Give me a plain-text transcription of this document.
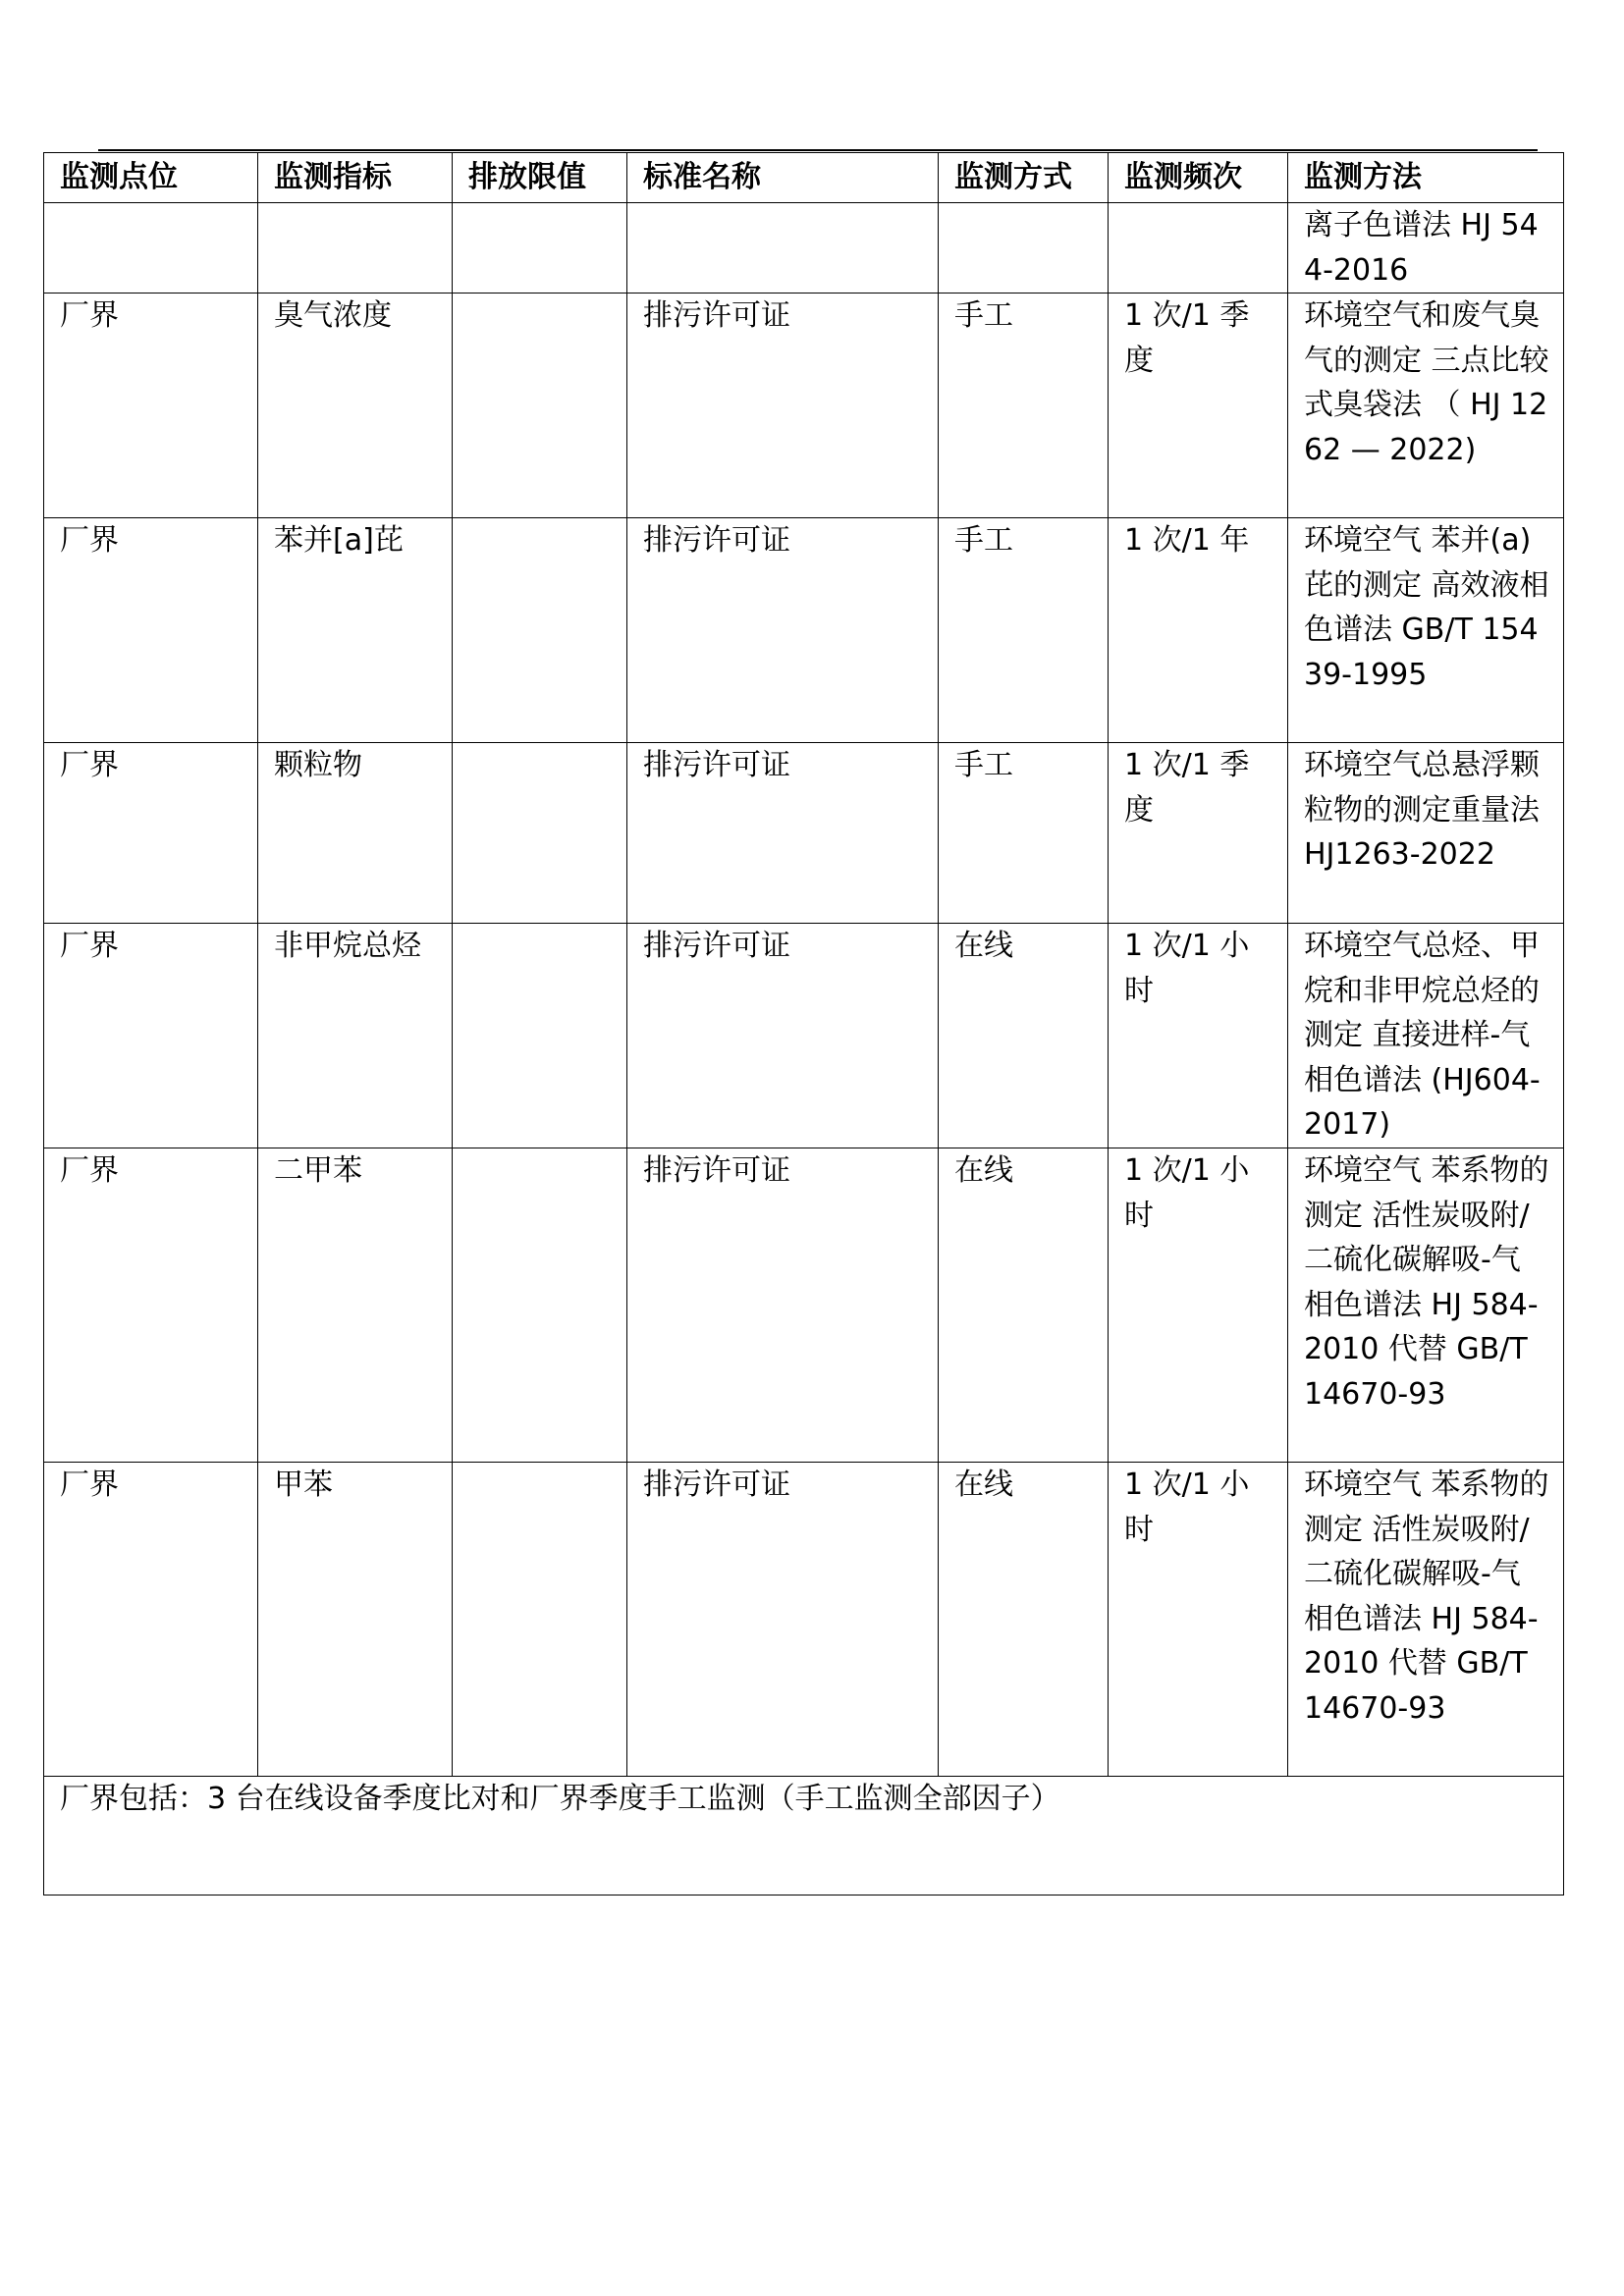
监测点位	监测指标	排放限值	标准名称	监测方式	监测频次	监测方法
						离子色谱法 HJ 544-2016
厂界	臭气浓度		排污许可证	手工	1 次/1 季度	环境空气和废气臭气的测定 三点比较式臭袋法 （ HJ 1262 — 2022)
厂界	苯并[a]芘		排污许可证	手工	1 次/1 年	环境空气 苯并(a)芘的测定 高效液相色谱法 GB/T 15439-1995
厂界	颗粒物		排污许可证	手工	1 次/1 季度	环境空气总悬浮颗粒物的测定重量法 HJ1263-2022
厂界	非甲烷总烃		排污许可证	在线	1 次/1 小时	环境空气总烃、甲烷和非甲烷总烃的测定 直接进样-气相色谱法 (HJ604-2017)
厂界	二甲苯		排污许可证	在线	1 次/1 小时	环境空气 苯系物的测定 活性炭吸附/二硫化碳解吸-气相色谱法 HJ 584-2010 代替 GB/T 14670-93
厂界	甲苯		排污许可证	在线	1 次/1 小时	环境空气 苯系物的测定 活性炭吸附/二硫化碳解吸-气相色谱法 HJ 584-2010 代替 GB/T 14670-93
厂界包括：3 台在线设备季度比对和厂界季度手工监测（手工监测全部因子）						
